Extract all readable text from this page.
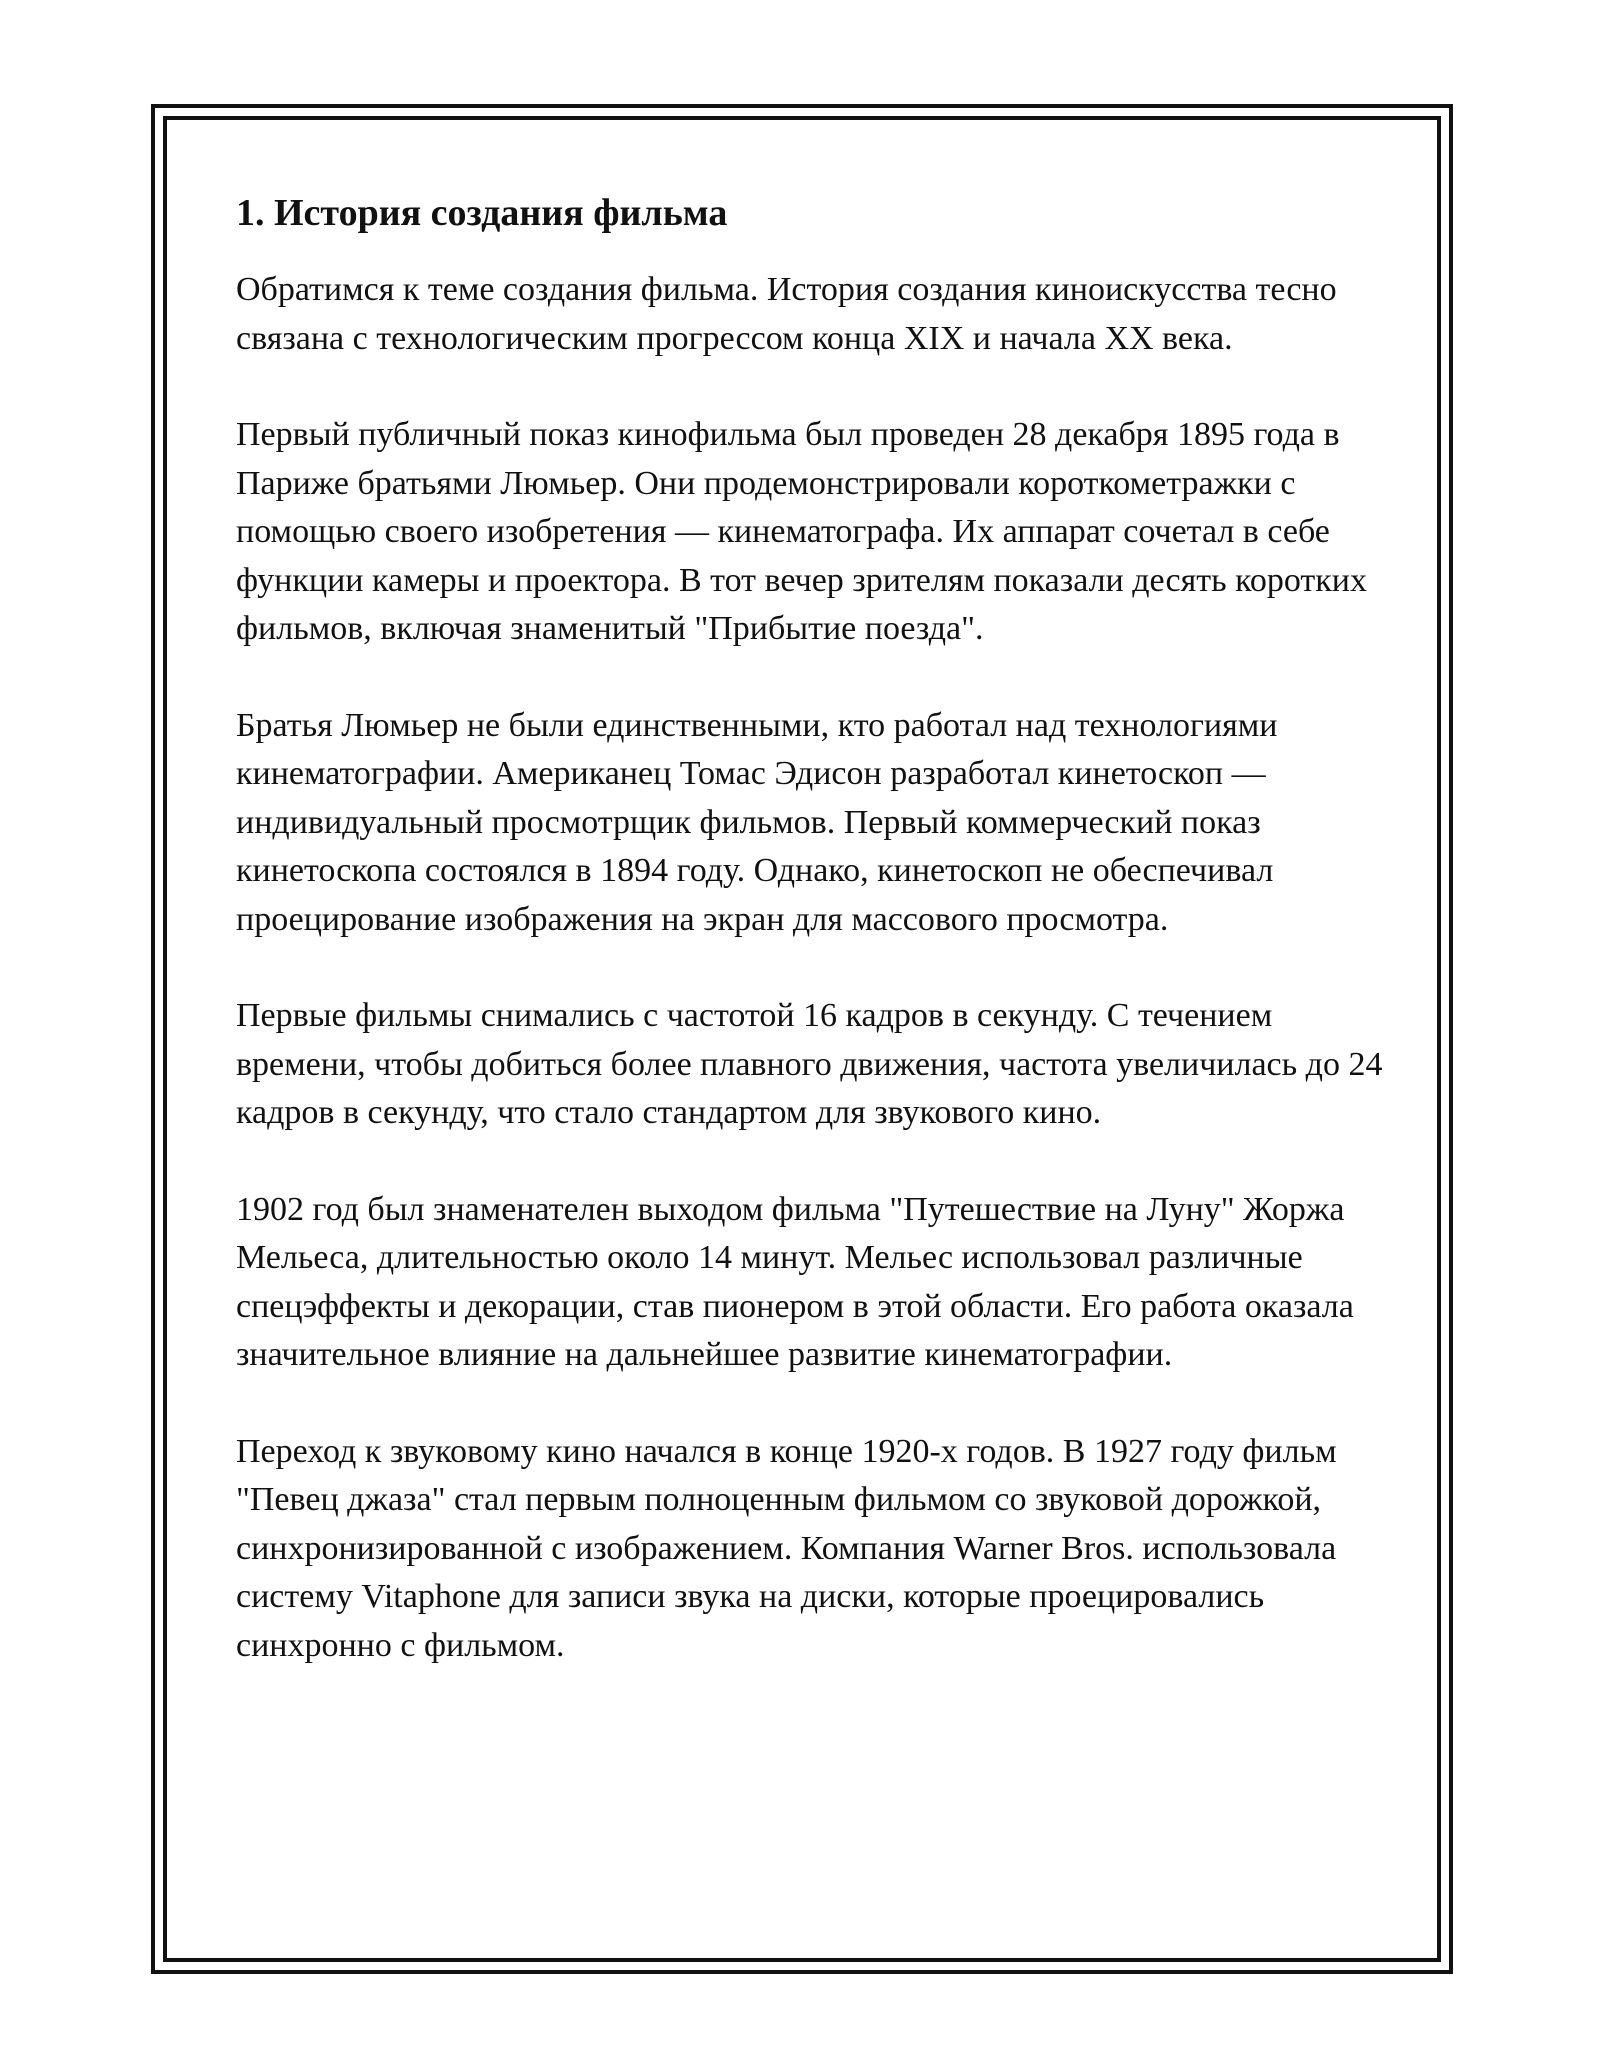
1. История создания фильма

Обратимся к теме создания фильма. История создания киноискусства тесно связана с технологическим прогрессом конца XIX и начала XX века.

Первый публичный показ кинофильма был проведен 28 декабря 1895 года в Париже братьями Люмьер. Они продемонстрировали короткометражки с помощью своего изобретения — кинематографа. Их аппарат сочетал в себе функции камеры и проектора. В тот вечер зрителям показали десять коротких фильмов, включая знаменитый "Прибытие поезда".

Братья Люмьер не были единственными, кто работал над технологиями кинематографии. Американец Томас Эдисон разработал кинетоскоп — индивидуальный просмотрщик фильмов. Первый коммерческий показ кинетоскопа состоялся в 1894 году. Однако, кинетоскоп не обеспечивал проецирование изображения на экран для массового просмотра.

Первые фильмы снимались с частотой 16 кадров в секунду. С течением времени, чтобы добиться более плавного движения, частота увеличилась до 24 кадров в секунду, что стало стандартом для звукового кино.

1902 год был знаменателен выходом фильма "Путешествие на Луну" Жоржа Мельеса, длительностью около 14 минут. Мельес использовал различные спецэффекты и декорации, став пионером в этой области. Его работа оказала значительное влияние на дальнейшее развитие кинематографии.

Переход к звуковому кино начался в конце 1920-х годов. В 1927 году фильм "Певец джаза" стал первым полноценным фильмом со звуковой дорожкой, синхронизированной с изображением. Компания Warner Bros. использовала систему Vitaphone для записи звука на диски, которые проецировались синхронно с фильмом.
